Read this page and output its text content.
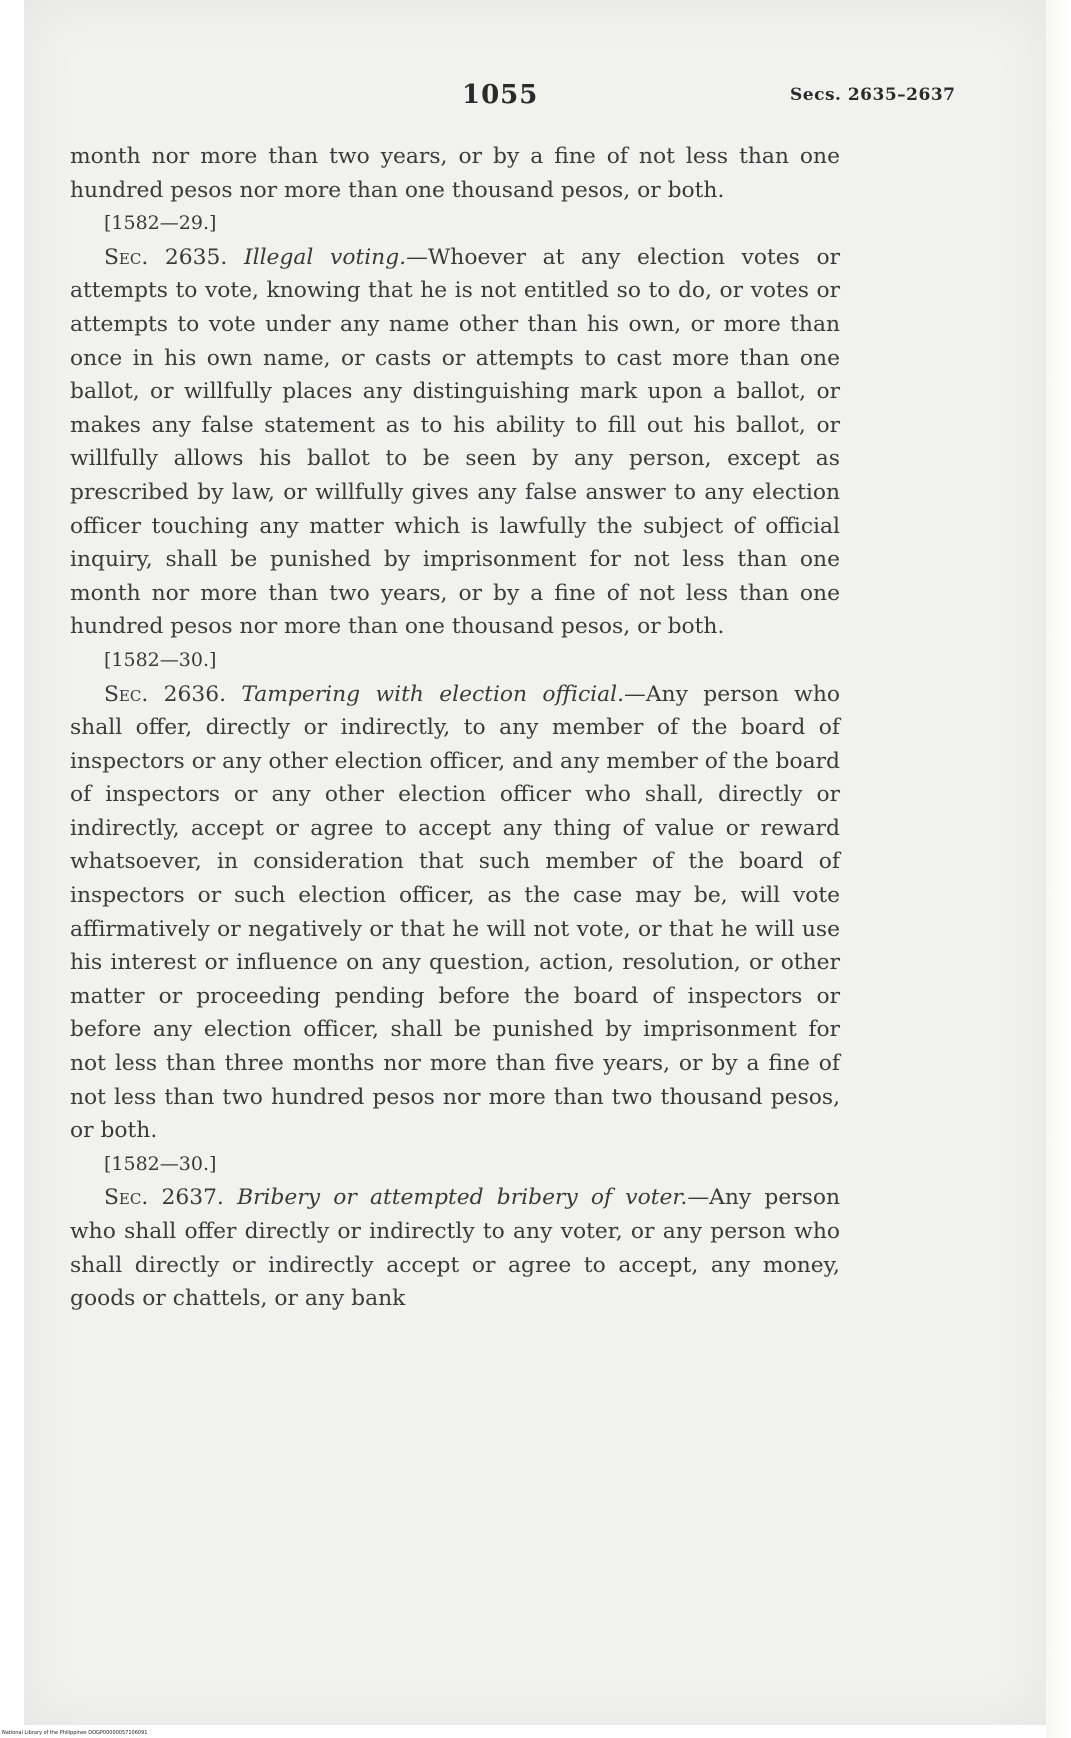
1055	Secs. 2635–2637

month nor more than two years, or by a fine of not less than one hundred pesos nor more than one thousand pesos, or both.

[1582—29.]

Sec. 2635. Illegal voting.—Whoever at any election votes or attempts to vote, knowing that he is not entitled so to do, or votes or attempts to vote under any name other than his own, or more than once in his own name, or casts or attempts to cast more than one ballot, or willfully places any distinguishing mark upon a ballot, or makes any false statement as to his ability to fill out his ballot, or willfully allows his ballot to be seen by any person, except as prescribed by law, or willfully gives any false answer to any election officer touching any matter which is lawfully the subject of official inquiry, shall be punished by imprisonment for not less than one month nor more than two years, or by a fine of not less than one hundred pesos nor more than one thousand pesos, or both.

[1582—30.]

Sec. 2636. Tampering with election official.—Any person who shall offer, directly or indirectly, to any member of the board of inspectors or any other election officer, and any member of the board of inspectors or any other election officer who shall, directly or indirectly, accept or agree to accept any thing of value or reward whatsoever, in consideration that such member of the board of inspectors or such election officer, as the case may be, will vote affirmatively or negatively or that he will not vote, or that he will use his interest or influence on any question, action, resolution, or other matter or proceeding pending before the board of inspectors or before any election officer, shall be punished by imprisonment for not less than three months nor more than five years, or by a fine of not less than two hundred pesos nor more than two thousand pesos, or both.

[1582—30.]

Sec. 2637. Bribery or attempted bribery of voter.—Any person who shall offer directly or indirectly to any voter, or any person who shall directly or indirectly accept or agree to accept, any money, goods or chattels, or any bank

National Library of the Philippines DOGP00000057106091
